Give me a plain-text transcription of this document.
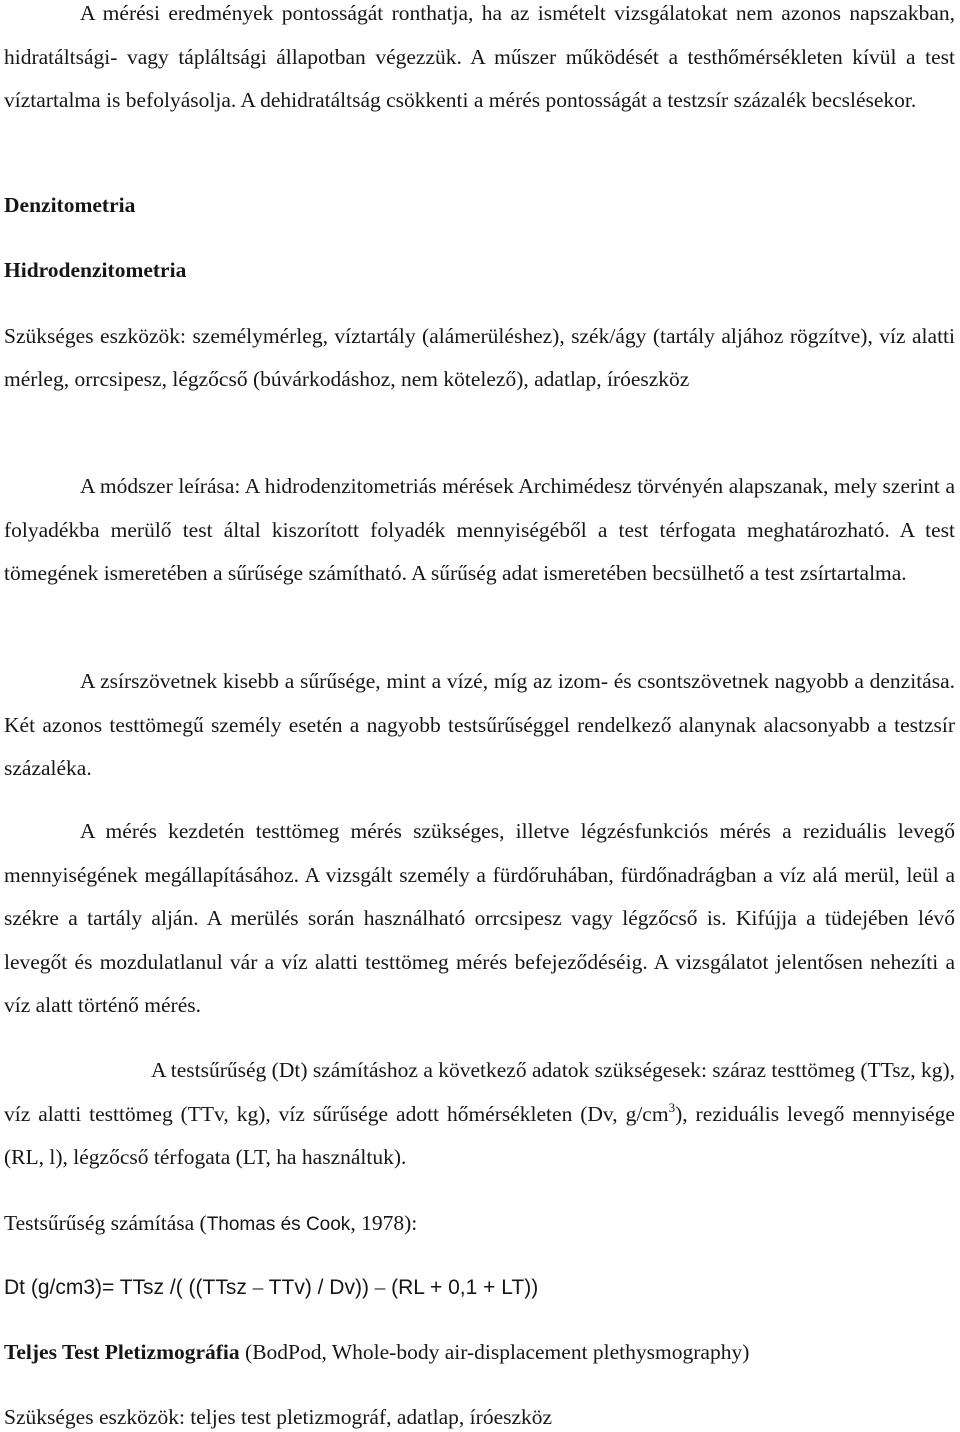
A mérési eredmények pontosságát ronthatja, ha az ismételt vizsgálatokat nem azonos napszakban, hidratáltsági- vagy tápláltsági állapotban végezzük. A műszer működését a testhőmérsékleten kívül a test víztartalma is befolyásolja. A dehidratáltság csökkenti a mérés pontosságát a testzsír százalék becslésekor.

Denzitometria

Hidrodenzitometria

Szükséges eszközök: személymérleg, víztartály (alámerüléshez), szék/ágy (tartály aljához rögzítve), víz alatti mérleg, orrcsipesz, légzőcső (búvárkodáshoz, nem kötelező), adatlap, íróeszköz

A módszer leírása: A hidrodenzitometriás mérések Archimédesz törvényén alapszanak, mely szerint a folyadékba merülő test által kiszorított folyadék mennyiségéből a test térfogata meghatározható. A test tömegének ismeretében a sűrűsége számítható. A sűrűség adat ismeretében becsülhető a test zsírtartalma.

A zsírszövetnek kisebb a sűrűsége, mint a vízé, míg az izom- és csontszövetnek nagyobb a denzitása. Két azonos testtömegű személy esetén a nagyobb testsűrűséggel rendelkező alanynak alacsonyabb a testzsír százaléka.

A mérés kezdetén testtömeg mérés szükséges, illetve légzésfunkciós mérés a reziduális levegő mennyiségének megállapításához. A vizsgált személy a fürdőruhában, fürdőnadrágban a víz alá merül, leül a székre a tartály alján. A merülés során használható orrcsipesz vagy légzőcső is. Kifújja a tüdejében lévő levegőt és mozdulatlanul vár a víz alatti testtömeg mérés befejeződéséig. A vizsgálatot jelentősen nehezíti a víz alatt történő mérés.

A testsűrűség (Dt) számításhoz a következő adatok szükségesek: száraz testtömeg (TTsz, kg), víz alatti testtömeg (TTv, kg), víz sűrűsége adott hőmérsékleten (Dv, $g/cm^3$), reziduális levegő mennyisége (RL, l), légzőcső térfogata (LT, ha használtuk).

Testsűrűség számítása (Thomas és Cook, 1978):

Dt (g/cm3)= TTsz /( ((TTsz – TTv) / Dv)) – (RL + 0,1 + LT))

Teljes Test Pletizmográfia (BodPod, Whole-body air-displacement plethysmography)

Szükséges eszközök: teljes test pletizmográf, adatlap, íróeszköz
